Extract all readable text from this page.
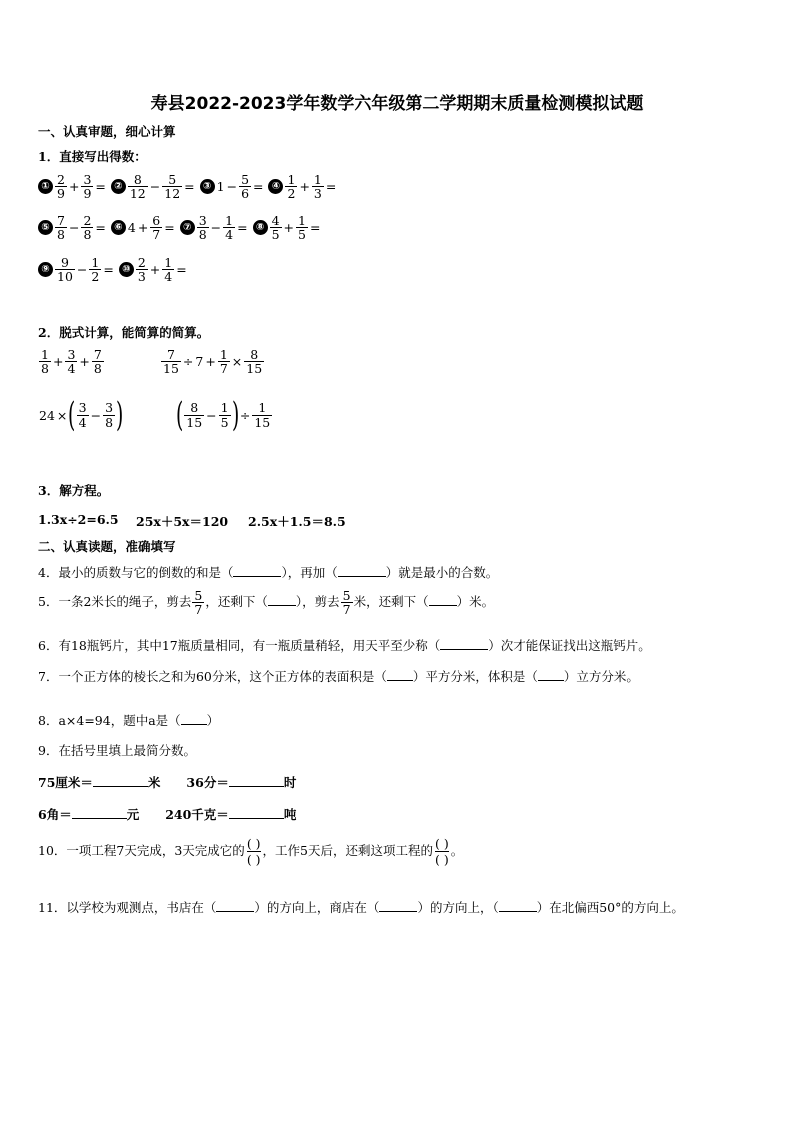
寿县2022-2023学年数学六年级第二学期期末质量检测模拟试题
一、认真审题，细心计算
1．直接写出得数：
① $\frac{2}{9} + \frac{3}{9}$ = ② $\frac{8}{12} - \frac{5}{12}$ = ③ $1 - \frac{5}{6}$ = ④ $\frac{1}{2} + \frac{1}{3}$ =
⑤ $\frac{7}{8} - \frac{2}{8}$ = ⑥ $4 + \frac{6}{7}$ = ⑦ $\frac{3}{8} - \frac{1}{4}$ = ⑧ $\frac{4}{5} + \frac{1}{5}$ =
⑨ $\frac{9}{10} - \frac{1}{2}$ = ⑩ $\frac{2}{3} + \frac{1}{4}$ =
2．脱式计算，能简算的简算。
$\frac{1}{8} + \frac{3}{4} + \frac{7}{8}$	$\frac{7}{15} \div 7 + \frac{1}{7} \times \frac{8}{15}$
24 ×( $\frac{3}{4} - \frac{3}{8}$ ) ( $\frac{8}{15} - \frac{1}{5}$ )÷ $\frac{1}{15}$
3．解方程。
1.3x÷2=6.5 25x＋5x＝120 2.5x＋1.5＝8.5
二、认真读题，准确填写
4．最小的质数与它的倒数的和是（	），再加（	）就是最小的合数。
5．一条2米长的绳子，剪去 $\frac{5}{7}$ ，还剩下（ ），剪去 $\frac{5}{7}$ 米，还剩下（ ）米。
6．有18瓶钙片，其中17瓶质量相同，有一瓶质量稍轻，用天平至少称（	）次才能保证找出这瓶钙片。
7．一个正方体的棱长之和为60分米，这个正方体的表面积是（ ）平方分米，体积是（ ）立方分米。
8．a×4=94，题中a是（ ）
9．在括号里填上最简分数。
75厘米＝	米 36分＝	时
6角＝	元 240千克＝	吨
10．一项工程7天完成，3天完成它的 ( )
( )
，工作5天后，还剩这项工程的 ( )
( )
。
11．以学校为观测点，书店在（	）的方向上，商店在（	）的方向上，（	）在北偏西50°的方向上。
